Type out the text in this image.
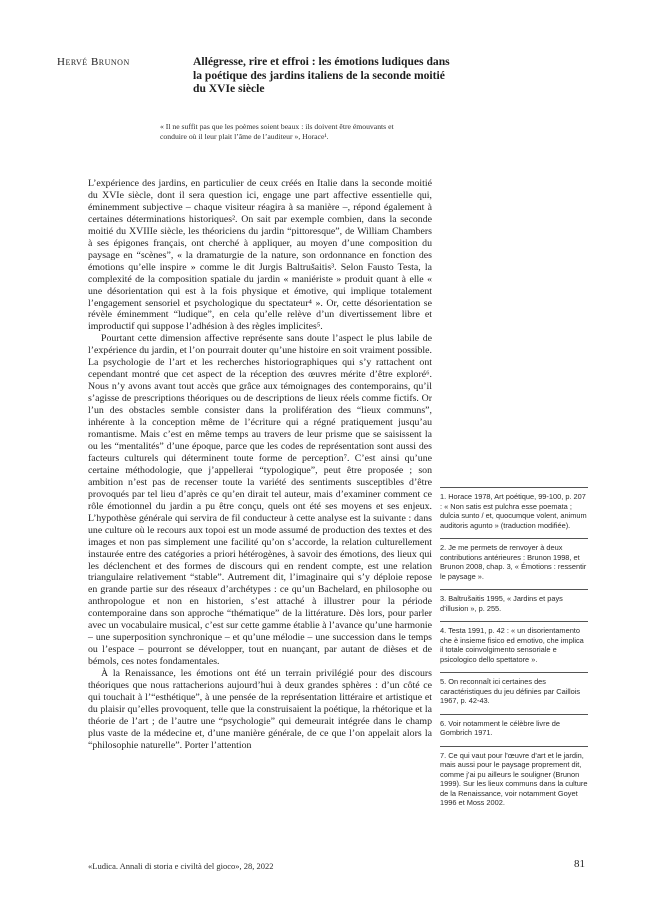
Hervé Brunon	Allégresse, rire et effroi : les émotions ludiques dans la poétique des jardins italiens de la seconde moitié du XVIe siècle
« Il ne suffit pas que les poèmes soient beaux : ils doivent être émouvants et conduire où il leur plait l’âme de l’auditeur », Horace¹.

L’expérience des jardins, en particulier de ceux créés en Italie dans la seconde moitié du XVIe siècle, dont il sera question ici, engage une part affective essentielle qui, éminemment subjective – chaque visiteur réagira à sa manière –, répond également à certaines déterminations historiques². On sait par exemple combien, dans la seconde moitié du XVIIIe siècle, les théoriciens du jardin “pittoresque”, de William Chambers à ses épigones français, ont cherché à appliquer, au moyen d’une composition du paysage en “scènes”, « la dramaturgie de la nature, son ordonnance en fonction des émotions qu’elle inspire » comme le dit Jurgis Baltrušaitis³. Selon Fausto Testa, la complexité de la composition spatiale du jardin « maniériste » produit quant à elle « une désorientation qui est à la fois physique et émotive, qui implique totalement l’engagement sensoriel et psychologique du spectateur⁴ ». Or, cette désorientation se révèle éminemment “ludique”, en cela qu’elle relève d’un divertissement libre et improductif qui suppose l’adhésion à des règles implicites⁵.

Pourtant cette dimension affective représente sans doute l’aspect le plus labile de l’expérience du jardin, et l’on pourrait douter qu’une histoire en soit vraiment possible. La psychologie de l’art et les recherches historiographiques qui s’y rattachent ont cependant montré que cet aspect de la réception des œuvres mérite d’être exploré⁶. Nous n’y avons avant tout accès que grâce aux témoignages des contemporains, qu’il s’agisse de prescriptions théoriques ou de descriptions de lieux réels comme fictifs. Or l’un des obstacles semble consister dans la prolifération des “lieux communs”, inhérente à la conception même de l’écriture qui a régné pratiquement jusqu’au romantisme. Mais c’est en même temps au travers de leur prisme que se saisissent la ou les “mentalités” d’une époque, parce que les codes de représentation sont aussi des facteurs culturels qui déterminent toute forme de perception⁷. C’est ainsi qu’une certaine méthodologie, que j’appellerai “typologique”, peut être proposée ; son ambition n’est pas de recenser toute la variété des sentiments susceptibles d’être provoqués par tel lieu d’après ce qu’en dirait tel auteur, mais d’examiner comment ce rôle émotionnel du jardin a pu être conçu, quels ont été ses moyens et ses enjeux. L’hypothèse générale qui servira de fil conducteur à cette analyse est la suivante : dans une culture où le recours aux topoi est un mode assumé de production des textes et des images et non pas simplement une facilité qu’on s’accorde, la relation culturellement instaurée entre des catégories a priori hétérogènes, à savoir des émotions, des lieux qui les déclenchent et des formes de discours qui en rendent compte, est une relation triangulaire relativement “stable”. Autrement dit, l’imaginaire qui s’y déploie repose en grande partie sur des réseaux d’archétypes : ce qu’un Bachelard, en philosophe ou anthropologue et non en historien, s’est attaché à illustrer pour la période contemporaine dans son approche “thématique” de la littérature. Dès lors, pour parler avec un vocabulaire musical, c’est sur cette gamme établie à l’avance qu’une harmonie – une superposition synchronique – et qu’une mélodie – une succession dans le temps ou l’espace – pourront se développer, tout en nuançant, par autant de dièses et de bémols, ces notes fondamentales.

À la Renaissance, les émotions ont été un terrain privilégié pour des discours théoriques que nous rattacherions aujourd’hui à deux grandes sphères : d’un côté ce qui touchait à l’“esthétique”, à une pensée de la représentation littéraire et artistique et du plaisir qu’elles provoquent, telle que la construisaient la poétique, la rhétorique et la théorie de l’art ; de l’autre une “psychologie” qui demeurait intégrée dans le champ plus vaste de la médecine et, d’une manière générale, de ce que l’on appelait alors la “philosophie naturelle”. Porter l’attention

1. Horace 1978, Art poétique, 99-100, p. 207 : « Non satis est pulchra esse poemata ; dulcia sunto / et, quocumque volent, animum auditoris agunto » (traduction modifiée).
2. Je me permets de renvoyer à deux contributions antérieures : Brunon 1998, et Brunon 2008, chap. 3, « Émotions : ressentir le paysage ».
3. Baltrušaitis 1995, « Jardins et pays d’illusion », p. 255.
4. Testa 1991, p. 42 : « un disorientamento che è insieme fisico ed emotivo, che implica il totale coinvolgimento sensoriale e psicologico dello spettatore ».
5. On reconnaît ici certaines des caractéristiques du jeu définies par Caillois 1967, p. 42-43.
6. Voir notamment le célèbre livre de Gombrich 1971.
7. Ce qui vaut pour l’œuvre d’art et le jardin, mais aussi pour le paysage proprement dit, comme j’ai pu ailleurs le souligner (Brunon 1999). Sur les lieux communs dans la culture de la Renaissance, voir notamment Goyet 1996 et Moss 2002.
«Ludica. Annali di storia e civiltà del gioco», 28, 2022	81
